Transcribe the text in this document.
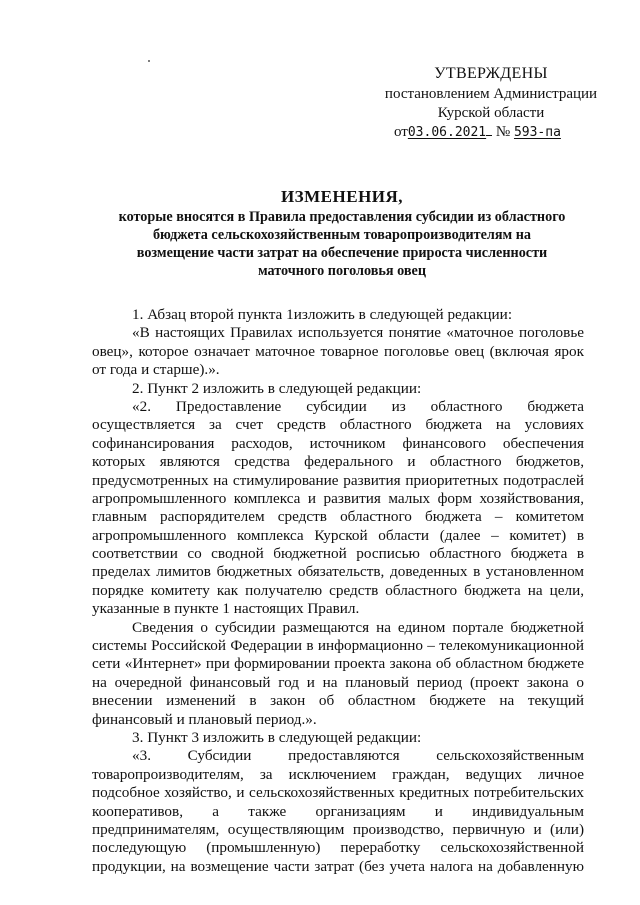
УТВЕРЖДЕНЫ
постановлением Администрации
Курской области
от03.06.2021 № 593-па
ИЗМЕНЕНИЯ,
которые вносятся в Правила предоставления субсидии из областного
бюджета сельскохозяйственным товаропроизводителям на
возмещение части затрат на обеспечение прироста численности
маточного поголовья овец
1. Абзац второй пункта 1изложить в следующей редакции:
«В настоящих Правилах используется понятие «маточное поголовье
овец», которое означает маточное товарное поголовье овец (включая ярок
от года и старше).».
2. Пункт 2 изложить в следующей редакции:
«2. Предоставление субсидии из областного бюджета
осуществляется за счет средств областного бюджета на условиях
софинансирования расходов, источником финансового обеспечения
которых являются средства федерального и областного бюджетов,
предусмотренных на стимулирование развития приоритетных подотраслей
агропромышленного комплекса и развития малых форм хозяйствования,
главным распорядителем средств областного бюджета – комитетом
агропромышленного комплекса Курской области (далее – комитет) в
соответствии со сводной бюджетной росписью областного бюджета в
пределах лимитов бюджетных обязательств, доведенных в установленном
порядке комитету как получателю средств областного бюджета на цели,
указанные в пункте 1 настоящих Правил.
Сведения о субсидии размещаются на едином портале бюджетной
системы Российской Федерации в информационно – телекомуникационной
сети «Интернет» при формировании проекта закона об областном бюджете
на очередной финансовый год и на плановый период (проект закона о
внесении изменений в закон об областном бюджете на текущий
финансовый и плановый период.».
3. Пункт 3 изложить в следующей редакции:
«3. Субсидии предоставляются сельскохозяйственным
товаропроизводителям, за исключением граждан, ведущих личное
подсобное хозяйство, и сельскохозяйственных кредитных потребительских
кооперативов, а также организациям и индивидуальным
предпринимателям, осуществляющим производство, первичную и (или)
последующую (промышленную) переработку сельскохозяйственной
продукции, на возмещение части затрат (без учета налога на добавленную
